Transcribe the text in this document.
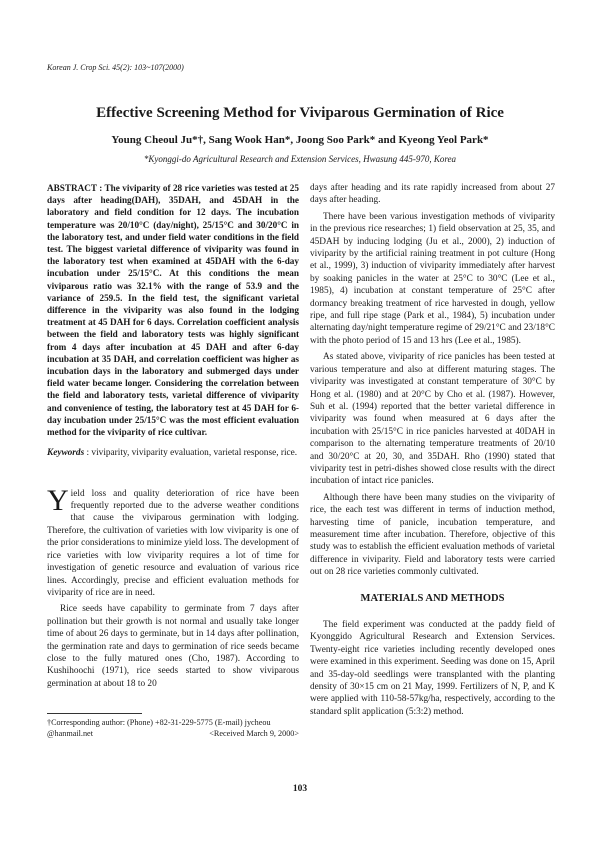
Korean J. Crop Sci. 45(2): 103~107(2000)
Effective Screening Method for Viviparous Germination of Rice
Young Cheoul Ju*†, Sang Wook Han*, Joong Soo Park* and Kyeong Yeol Park*
*Kyonggi-do Agricultural Research and Extension Services, Hwasung 445-970, Korea

ABSTRACT : The viviparity of 28 rice varieties was tested at 25 days after heading(DAH), 35DAH, and 45DAH in the laboratory and field condition for 12 days. The incubation temperature was 20/10°C (day/night), 25/15°C and 30/20°C in the laboratory test, and under field water conditions in the field test. The biggest varietal difference of viviparity was found in the laboratory test when examined at 45DAH with the 6-day incubation under 25/15°C. At this conditions the mean viviparous ratio was 32.1% with the range of 53.9 and the variance of 259.5. In the field test, the significant varietal difference in the viviparity was also found in the lodging treatment at 45 DAH for 6 days. Correlation coefficient analysis between the field and laboratory tests was highly significant from 4 days after incubation at 45 DAH and after 6-day incubation at 35 DAH, and correlation coefficient was higher as incubation days in the laboratory and submerged days under field water became longer. Considering the correlation between the field and laboratory tests, varietal difference of viviparity and convenience of testing, the laboratory test at 45 DAH for 6-day incubation under 25/15°C was the most efficient evaluation method for the viviparity of rice cultivar.

Keywords : viviparity, viviparity evaluation, varietal response, rice.

Yield loss and quality deterioration of rice have been frequently reported due to the adverse weather conditions that cause the viviparous germination with lodging. Therefore, the cultivation of varieties with low viviparity is one of the prior considerations to minimize yield loss. The development of rice varieties with low viviparity requires a lot of time for investigation of genetic resource and evaluation of various rice lines. Accordingly, precise and efficient evaluation methods for viviparity of rice are in need.

Rice seeds have capability to germinate from 7 days after pollination but their growth is not normal and usually take longer time of about 26 days to germinate, but in 14 days after pollination, the germination rate and days to germination of rice seeds became close to the fully matured ones (Cho, 1987). According to Kushihoochi (1971), rice seeds started to show viviparous germination at about 18 to 20

days after heading and its rate rapidly increased from about 27 days after heading.

There have been various investigation methods of viviparity in the previous rice researches; 1) field observation at 25, 35, and 45DAH by inducing lodging (Ju et al., 2000), 2) induction of viviparity by the artificial raining treatment in pot culture (Hong et al., 1999), 3) induction of viviparity immediately after harvest by soaking panicles in the water at 25°C to 30°C (Lee et al., 1985), 4) incubation at constant temperature of 25°C after dormancy breaking treatment of rice harvested in dough, yellow ripe, and full ripe stage (Park et al., 1984), 5) incubation under alternating day/night temperature regime of 29/21°C and 23/18°C with the photo period of 15 and 13 hrs (Lee et al., 1985).

As stated above, viviparity of rice panicles has been tested at various temperature and also at different maturing stages. The viviparity was investigated at constant temperature of 30°C by Hong et al. (1980) and at 20°C by Cho et al. (1987). However, Suh et al. (1994) reported that the better varietal difference in viviparity was found when measured at 6 days after the incubation with 25/15°C in rice panicles harvested at 40DAH in comparison to the alternating temperature treatments of 20/10 and 30/20°C at 20, 30, and 35DAH. Rho (1990) stated that viviparity test in petri-dishes showed close results with the direct incubation of intact rice panicles.

Although there have been many studies on the viviparity of rice, the each test was different in terms of induction method, harvesting time of panicle, incubation temperature, and measurement time after incubation. Therefore, objective of this study was to establish the efficient evaluation methods of varietal difference in viviparity. Field and laboratory tests were carried out on 28 rice varieties commonly cultivated.

MATERIALS AND METHODS

The field experiment was conducted at the paddy field of Kyonggido Agricultural Research and Extension Services. Twenty-eight rice varieties including recently developed ones were examined in this experiment. Seeding was done on 15, April and 35-day-old seedlings were transplanted with the planting density of 30×15 cm on 21 May, 1999. Fertilizers of N, P, and K were applied with 110-58-57kg/ha, respectively, according to the standard split application (5:3:2) method.

†Corresponding author: (Phone) +82-31-229-5775 (E-mail) jycheou
@hanmail.net	<Received March 9, 2000>
103
